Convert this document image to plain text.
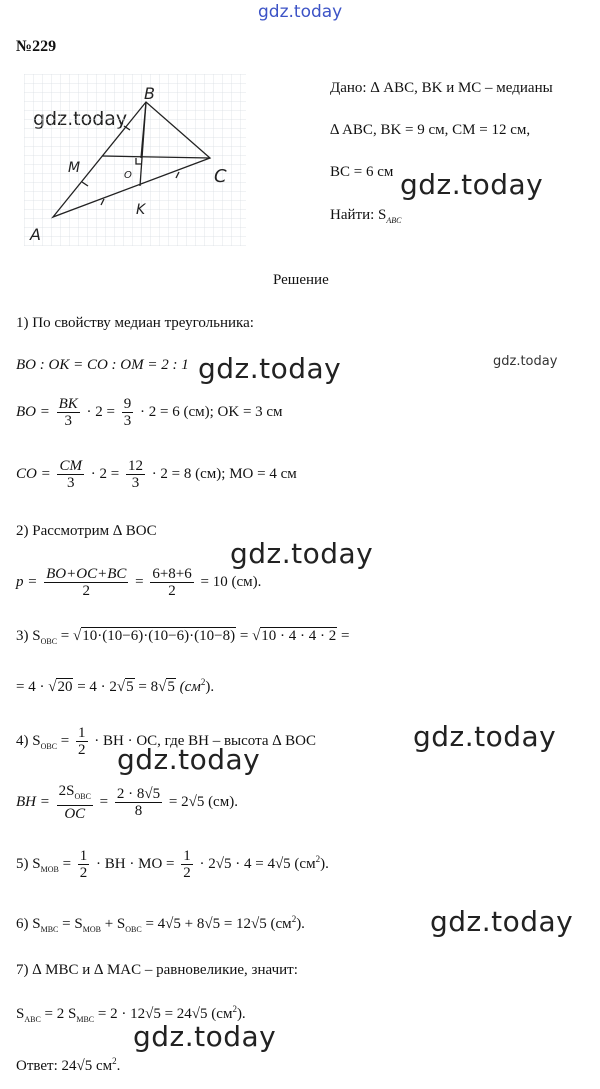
gdz.today
gdz.today
gdz.today
gdz.today
gdz.today
gdz.today
gdz.today
gdz.today
gdz.today
№229
B
C
A
M
K
O
Дано: ∆ ABC, BK и MC – медианы
∆ ABC, BK = 9 см, CM = 12 см,
BC = 6 см
Найти: $S_{ABC}$
Решение
1) По свойству медиан треугольника:
BO : OK = CO : OM = 2 : 1
BO = $\frac{BK}{3} \cdot 2 = \frac{9}{3} \cdot 2 = 6$ (см); OK = 3 см
CO = $\frac{CM}{3} \cdot 2 = \frac{12}{3} \cdot 2 = 8$ (см); MO = 4 см
2) Рассмотрим ∆ BOC
$p = \frac{BO+OC+BC}{2} = \frac{6+8+6}{2} = 10$ (см).
3) $S_{OBC} = √10\cdot(10-6)\cdot(10-6)\cdot(10-8) = √10 \cdot 4 \cdot 4 \cdot 2$ =
= 4 · √20 = 4 · 2√5 = 8√5 $(см^2)$.
4) $S_{OBC} = \frac{1}{2}$ · BH · OC, где BH – высота ∆ BOC
BH = $\frac{2S_{OBC}}{OC} = \frac{2 \cdot 8√5}{8} = 2√5$ (см).
5) $S_{MOB} = \frac{1}{2}$ · BH · MO = $\frac{1}{2} \cdot 2√5 \cdot 4 = 4√5$ $(см^2)$.
6) $S_{MBC} = S_{MOB} + S_{OBC} = 4√5 + 8√5 = 12√5$ $(см^2)$.
7) ∆ MBC и ∆ MAC – равновеликие, значит:
$S_{ABC} = 2$ $S_{MBC} = 2 \cdot 12√5 = 24√5$ $(см^2)$.
Ответ: 24√5 $см^2$.
